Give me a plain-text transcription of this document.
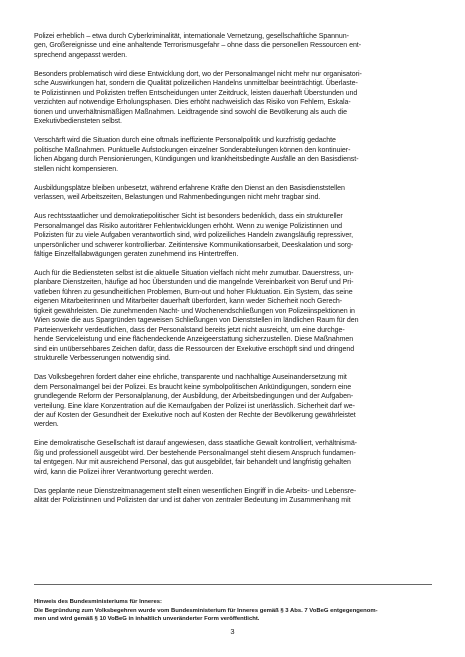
Polizei erheblich – etwa durch Cyberkriminalität, internationale Vernetzung, gesellschaftliche Spannun-
gen, Großereignisse und eine anhaltende Terrorismusgefahr – ohne dass die personellen Ressourcen ent-
sprechend angepasst werden.

Besonders problematisch wird diese Entwicklung dort, wo der Personalmangel nicht mehr nur organisatori-
sche Auswirkungen hat, sondern die Qualität polizeilichen Handelns unmittelbar beeinträchtigt. Überlaste-
te Polizistinnen und Polizisten treffen Entscheidungen unter Zeitdruck, leisten dauerhaft Überstunden und
verzichten auf notwendige Erholungsphasen. Dies erhöht nachweislich das Risiko von Fehlern, Eskala-
tionen und unverhältnismäßigen Maßnahmen. Leidtragende sind sowohl die Bevölkerung als auch die
Exekutivbediensteten selbst.

Verschärft wird die Situation durch eine oftmals ineffiziente Personalpolitik und kurzfristig gedachte
politische Maßnahmen. Punktuelle Aufstockungen einzelner Sonderabteilungen können den kontinuier-
lichen Abgang durch Pensionierungen, Kündigungen und krankheitsbedingte Ausfälle an den Basisdienst-
stellen nicht kompensieren.

Ausbildungsplätze bleiben unbesetzt, während erfahrene Kräfte den Dienst an den Basisdienststellen
verlassen, weil Arbeitszeiten, Belastungen und Rahmenbedingungen nicht mehr tragbar sind.

Aus rechtsstaatlicher und demokratiepolitischer Sicht ist besonders bedenklich, dass ein struktureller
Personalmangel das Risiko autoritärer Fehlentwicklungen erhöht. Wenn zu wenige Polizistinnen und
Polizisten für zu viele Aufgaben verantwortlich sind, wird polizeiliches Handeln zwangsläufig repressiver,
unpersönlicher und schwerer kontrollierbar. Zeitintensive Kommunikationsarbeit, Deeskalation und sorg-
fältige Einzelfallabwägungen geraten zunehmend ins Hintertreffen.

Auch für die Bediensteten selbst ist die aktuelle Situation vielfach nicht mehr zumutbar. Dauerstress, un-
planbare Dienstzeiten, häufige ad hoc Überstunden und die mangelnde Vereinbarkeit von Beruf und Pri-
vatleben führen zu gesundheitlichen Problemen, Burn-out und hoher Fluktuation. Ein System, das seine
eigenen Mitarbeiterinnen und Mitarbeiter dauerhaft überfordert, kann weder Sicherheit noch Gerech-
tigkeit gewährleisten. Die zunehmenden Nacht- und Wochenendschließungen von Polizeiinspektionen in
Wien sowie die aus Spargründen tageweisen Schließungen von Dienststellen im ländlichen Raum für den
Parteienverkehr verdeutlichen, dass der Personalstand bereits jetzt nicht ausreicht, um eine durchge-
hende Serviceleistung und eine flächendeckende Anzeigeerstattung sicherzustellen. Diese Maßnahmen
sind ein unübersehbares Zeichen dafür, dass die Ressourcen der Exekutive erschöpft sind und dringend
strukturelle Verbesserungen notwendig sind.

Das Volksbegehren fordert daher eine ehrliche, transparente und nachhaltige Auseinandersetzung mit
dem Personalmangel bei der Polizei. Es braucht keine symbolpolitischen Ankündigungen, sondern eine
grundlegende Reform der Personalplanung, der Ausbildung, der Arbeitsbedingungen und der Aufgaben-
verteilung. Eine klare Konzentration auf die Kernaufgaben der Polizei ist unerlässlich. Sicherheit darf we-
der auf Kosten der Gesundheit der Exekutive noch auf Kosten der Rechte der Bevölkerung gewährleistet
werden.

Eine demokratische Gesellschaft ist darauf angewiesen, dass staatliche Gewalt kontrolliert, verhältnismä-
ßig und professionell ausgeübt wird. Der bestehende Personalmangel steht diesem Anspruch fundamen-
tal entgegen. Nur mit ausreichend Personal, das gut ausgebildet, fair behandelt und langfristig gehalten
wird, kann die Polizei ihrer Verantwortung gerecht werden.

Das geplante neue Dienstzeitmanagement stellt einen wesentlichen Eingriff in die Arbeits- und Lebensre-
alität der Polizistinnen und Polizisten dar und ist daher von zentraler Bedeutung im Zusammenhang mit

Hinweis des Bundesministeriums für Inneres:
Die Begründung zum Volksbegehren wurde vom Bundesministerium für Inneres gemäß § 3 Abs. 7 VoBeG entgegengenom-
men und wird gemäß § 10 VoBeG in inhaltlich unveränderter Form veröffentlicht.
3
